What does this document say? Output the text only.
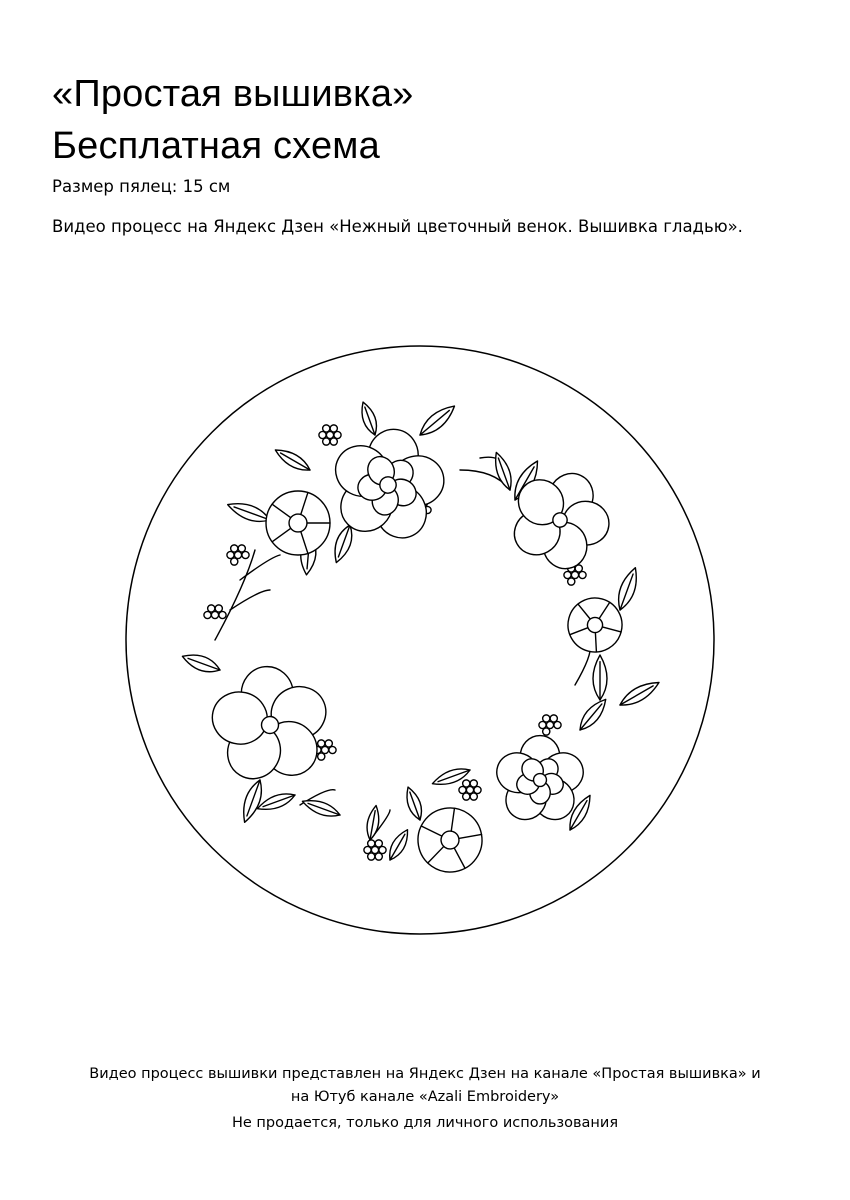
«Простая вышивка»
Бесплатная схема

Размер пялец: 15 см

Видео процесс на Яндекс Дзен «Нежный цветочный венок. Вышивка гладью».

Видео процесс вышивки представлен на Яндекс Дзен на канале «Простая вышивка» и

на Ютуб канале «Azali Embroidery»

Не продается, только для личного использования
